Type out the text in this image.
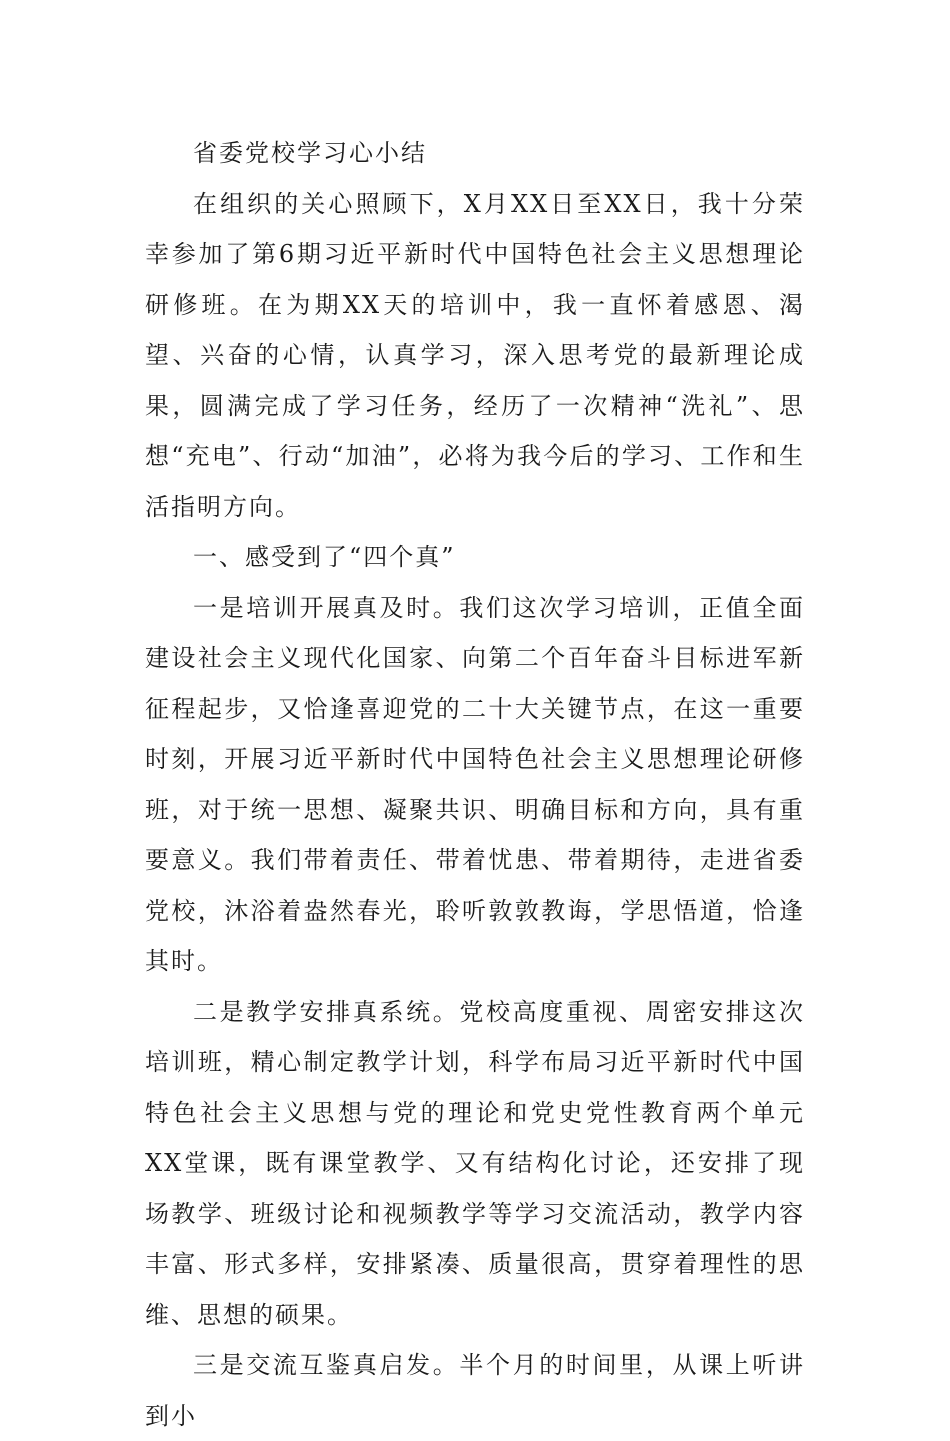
省委党校学习心小结

在组织的关心照顾下，X月XX日至XX日，我十分荣幸参加了第6期习近平新时代中国特色社会主义思想理论研修班。在为期XX天的培训中，我一直怀着感恩、渴望、兴奋的心情，认真学习，深入思考党的最新理论成果，圆满完成了学习任务，经历了一次精神“洗礼”、思想“充电”、行动“加油”，必将为我今后的学习、工作和生活指明方向。

一、感受到了“四个真”

一是培训开展真及时。我们这次学习培训，正值全面建设社会主义现代化国家、向第二个百年奋斗目标进军新征程起步，又恰逢喜迎党的二十大关键节点，在这一重要时刻，开展习近平新时代中国特色社会主义思想理论研修班，对于统一思想、凝聚共识、明确目标和方向，具有重要意义。我们带着责任、带着忧患、带着期待，走进省委党校，沐浴着盎然春光，聆听敦敦教诲，学思悟道，恰逢其时。

二是教学安排真系统。党校高度重视、周密安排这次培训班，精心制定教学计划，科学布局习近平新时代中国特色社会主义思想与党的理论和党史党性教育两个单元XX堂课，既有课堂教学、又有结构化讨论，还安排了现场教学、班级讨论和视频教学等学习交流活动，教学内容丰富、形式多样，安排紧凑、质量很高，贯穿着理性的思维、思想的硕果。

三是交流互鉴真启发。半个月的时间里，从课上听讲到小
